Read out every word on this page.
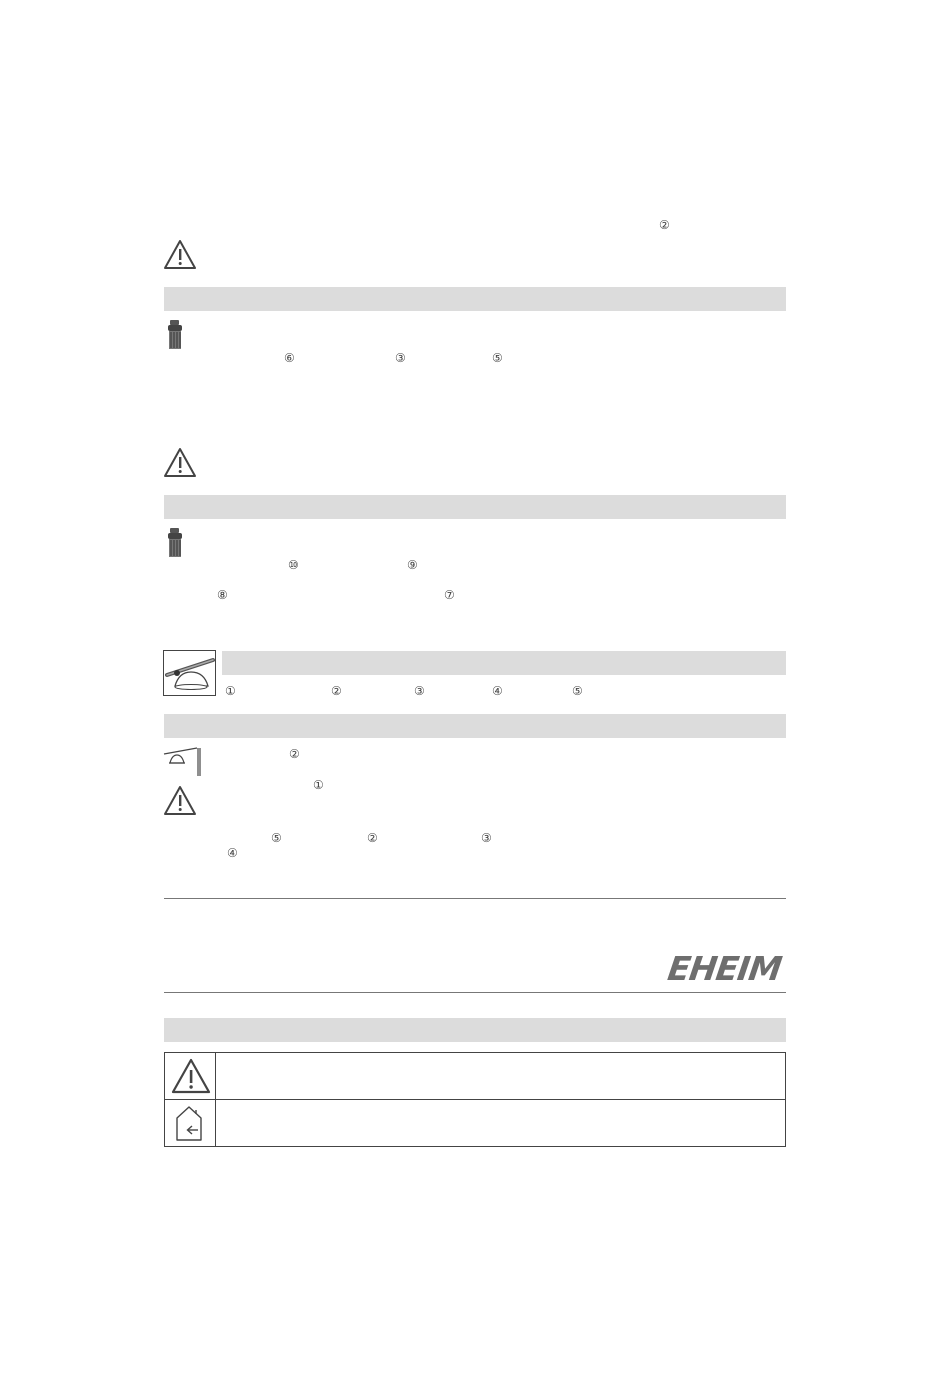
②
⑥	③	⑤
⑩	⑨
⑧	⑦
①	②	③	④	⑤
②
①
⑤	②	③
④
EHEIM
